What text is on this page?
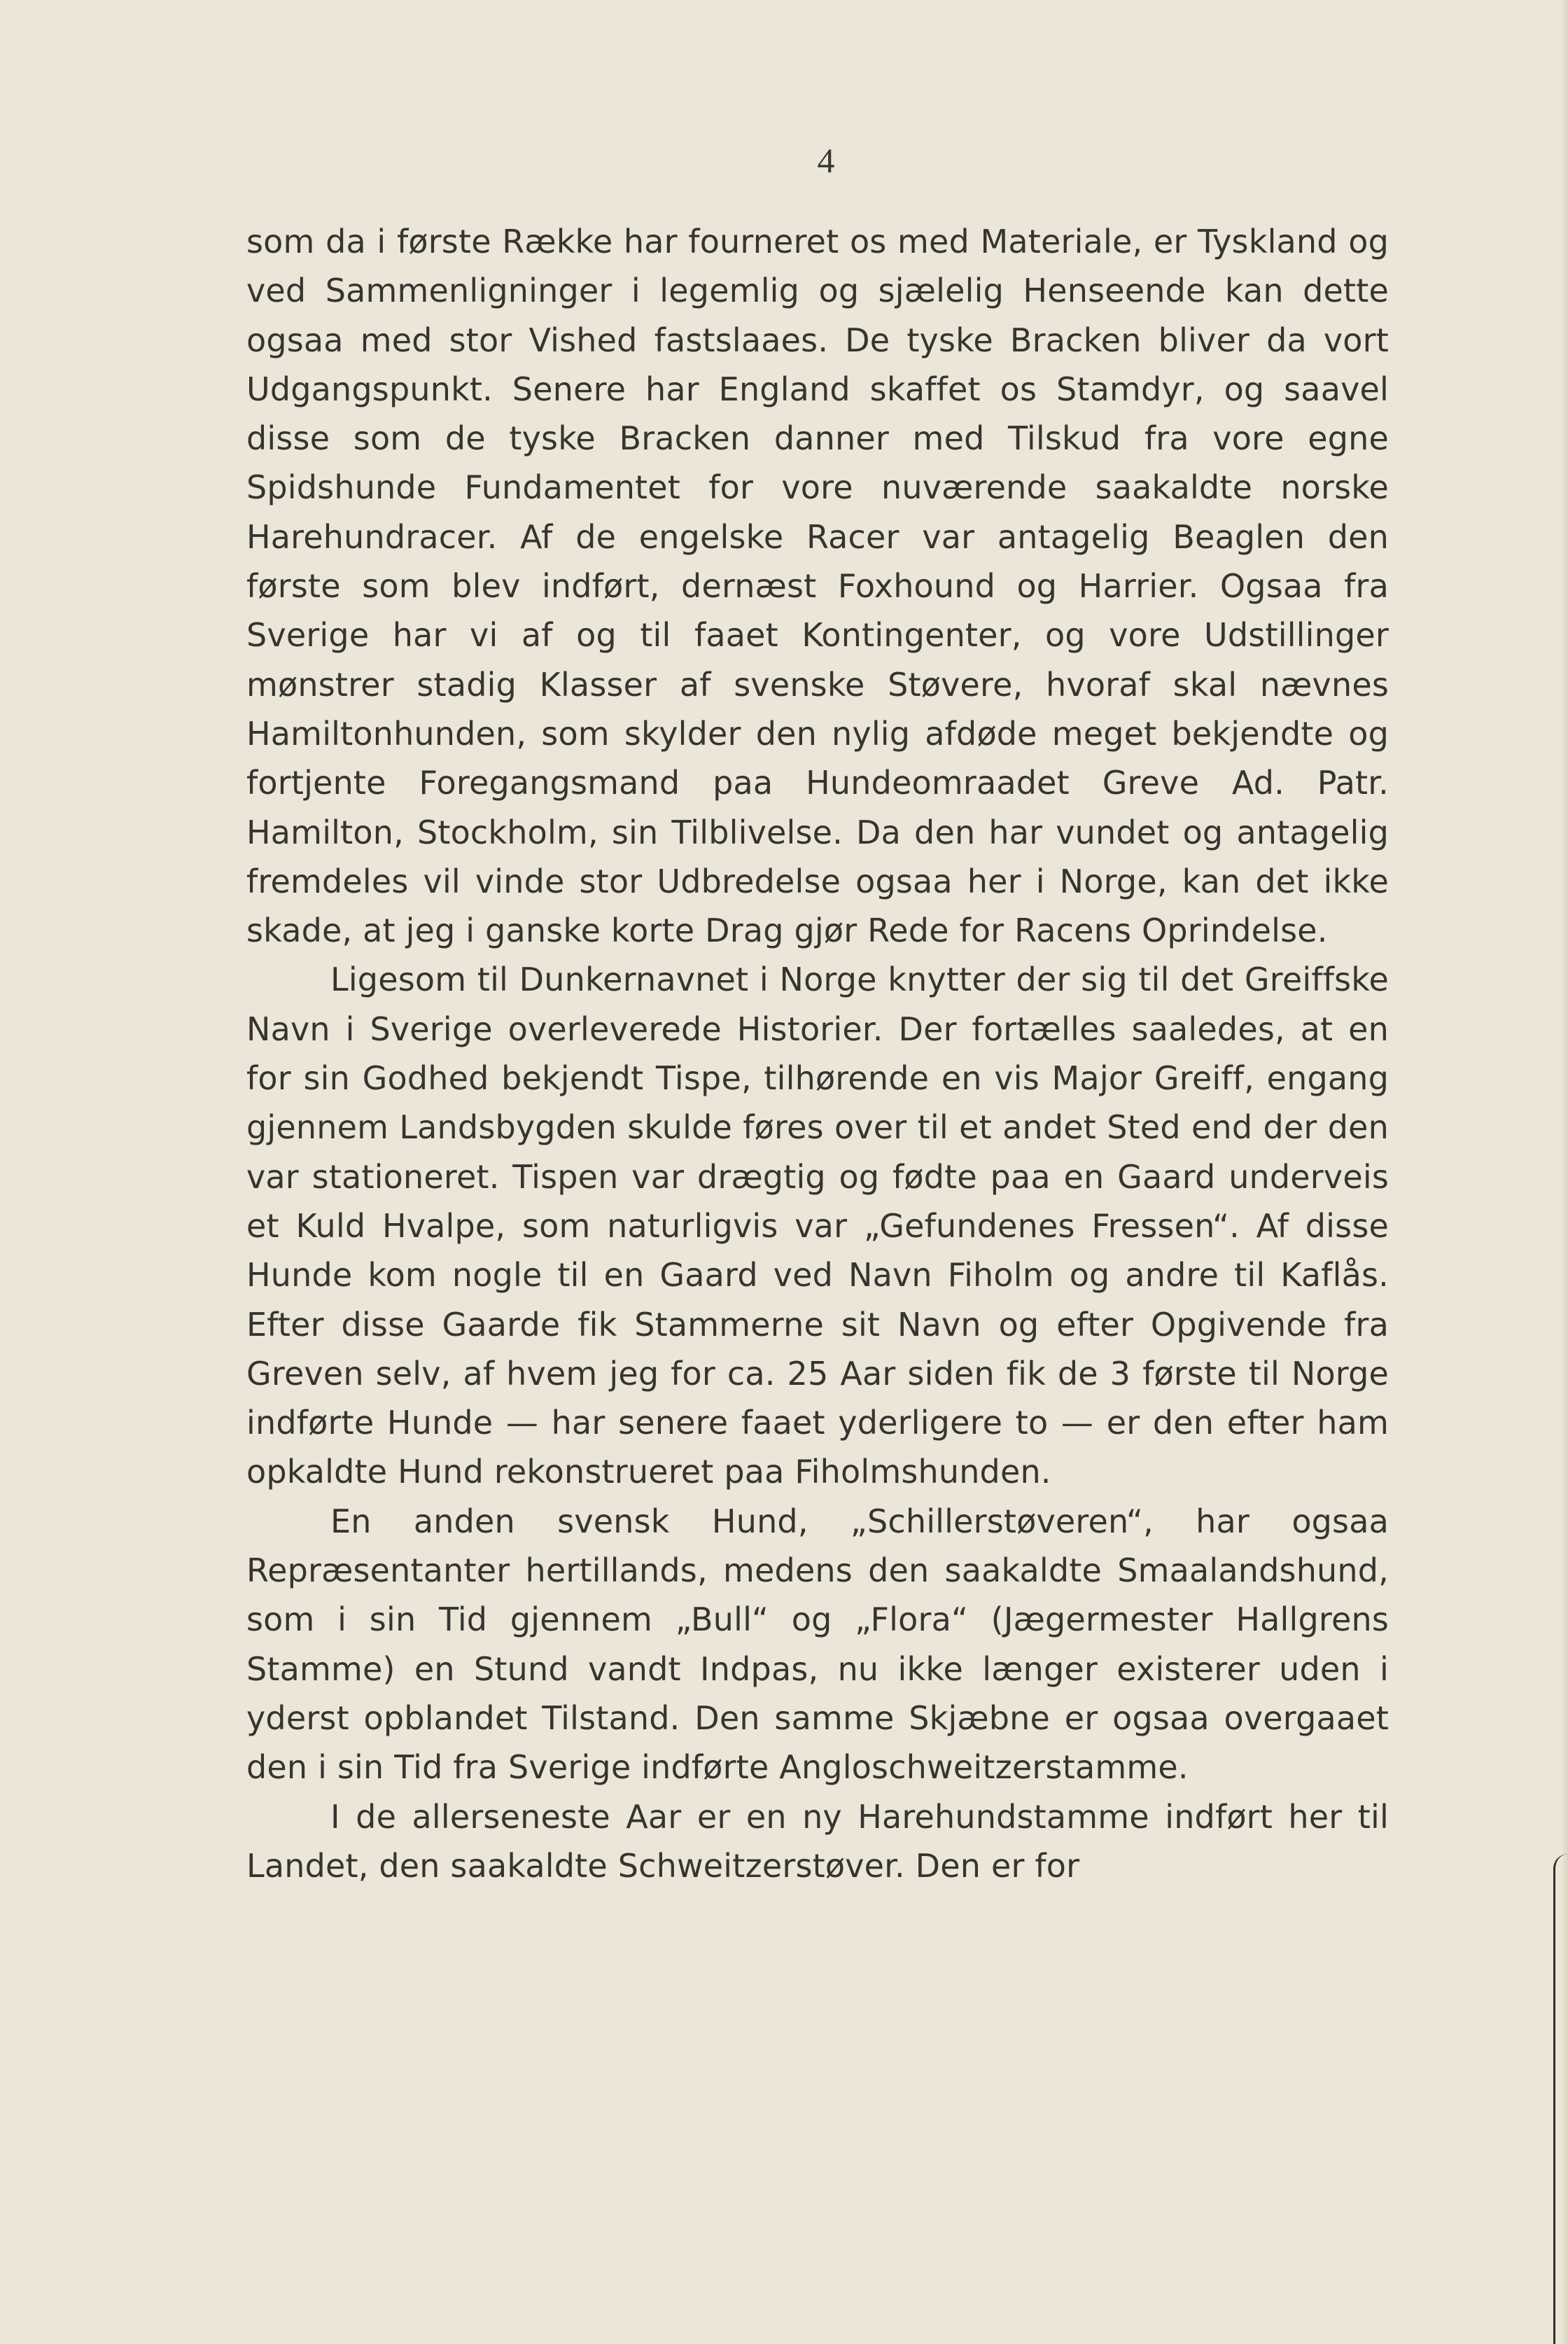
4

som da i første Række har fourneret os med Materiale, er Tyskland og ved Sammenligninger i legemlig og sjælelig Henseende kan dette ogsaa med stor Vished fastslaaes. De tyske Bracken bliver da vort Udgangspunkt. Senere har England skaffet os Stamdyr, og saavel disse som de tyske Bracken danner med Tilskud fra vore egne Spidshunde Fundamentet for vore nuværende saakaldte norske Harehundracer. Af de engelske Racer var antagelig Beaglen den første som blev indført, dernæst Foxhound og Harrier. Ogsaa fra Sverige har vi af og til faaet Kontingenter, og vore Udstillinger mønstrer stadig Klasser af svenske Støvere, hvoraf skal nævnes Hamiltonhunden, som skylder den nylig afdøde meget bekjendte og fortjente Foregangsmand paa Hundeomraadet Greve Ad. Patr. Hamilton, Stockholm, sin Tilblivelse. Da den har vundet og antagelig fremdeles vil vinde stor Udbredelse ogsaa her i Norge, kan det ikke skade, at jeg i ganske korte Drag gjør Rede for Racens Oprindelse.

Ligesom til Dunkernavnet i Norge knytter der sig til det Greiffske Navn i Sverige overleverede Historier. Der fortælles saaledes, at en for sin Godhed bekjendt Tispe, tilhørende en vis Major Greiff, engang gjennem Landsbygden skulde føres over til et andet Sted end der den var stationeret. Tispen var drægtig og fødte paa en Gaard underveis et Kuld Hvalpe, som naturligvis var „Gefundenes Fressen“. Af disse Hunde kom nogle til en Gaard ved Navn Fiholm og andre til Kaflås. Efter disse Gaarde fik Stammerne sit Navn og efter Opgivende fra Greven selv, af hvem jeg for ca. 25 Aar siden fik de 3 første til Norge indførte Hunde — har senere faaet yderligere to — er den efter ham opkaldte Hund rekonstrueret paa Fiholmshunden.

En anden svensk Hund, „Schillerstøveren“, har ogsaa Repræsentanter hertillands, medens den saakaldte Smaalandshund, som i sin Tid gjennem „Bull“ og „Flora“ (Jægermester Hallgrens Stamme) en Stund vandt Indpas, nu ikke længer existerer uden i yderst opblandet Tilstand. Den samme Skjæbne er ogsaa overgaaet den i sin Tid fra Sverige indførte Angloschweitzerstamme.

I de allerseneste Aar er en ny Harehundstamme indført her til Landet, den saakaldte Schweitzerstøver. Den er for
